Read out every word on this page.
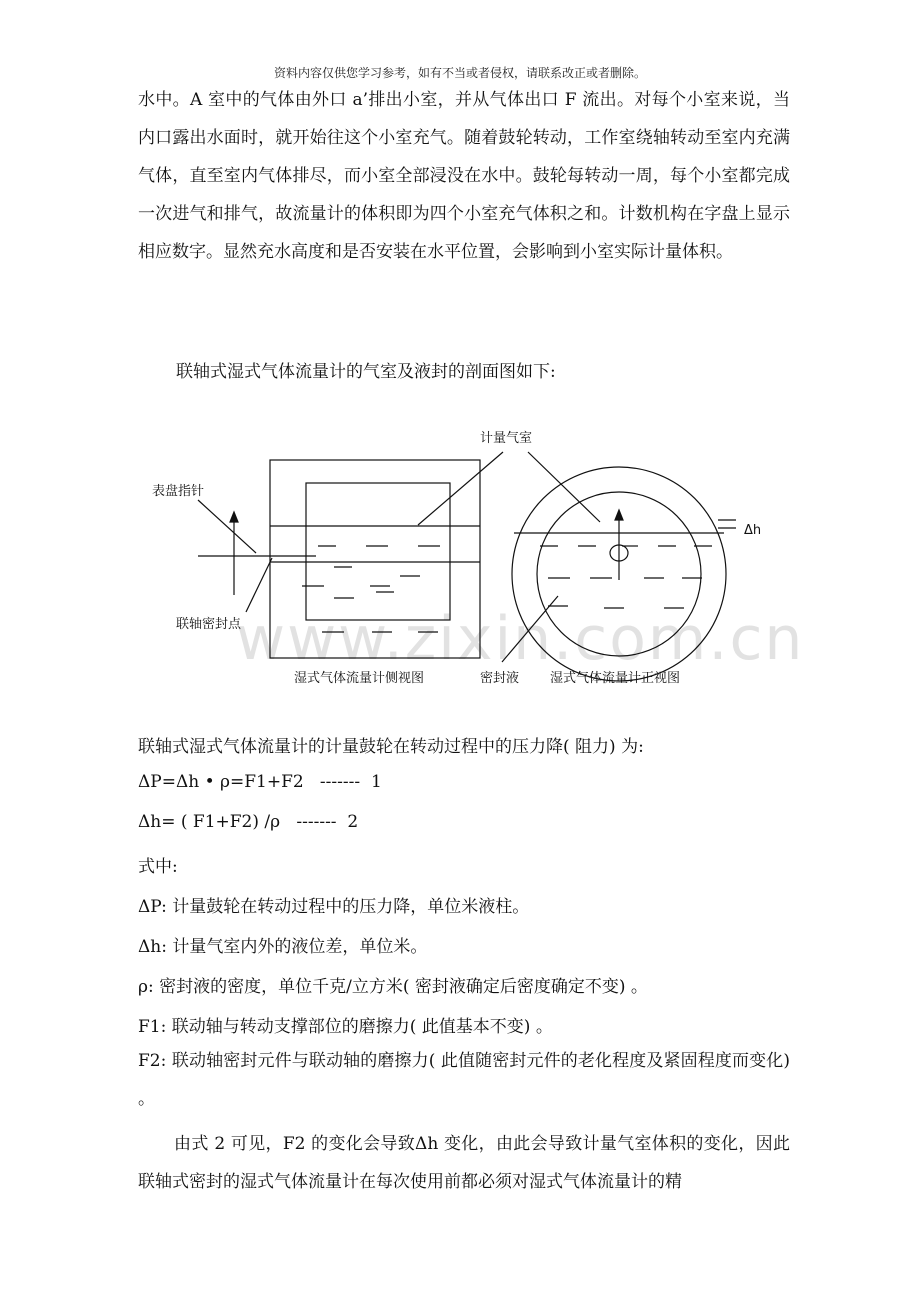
资料内容仅供您学习参考，如有不当或者侵权，请联系改正或者删除。

水中。A 室中的气体由外口 a’排出小室，并从气体出口 F 流出。对每个小室来说，当内口露出水面时，就开始往这个小室充气。随着鼓轮转动，工作室绕轴转动至室内充满气体，直至室内气体排尽，而小室全部浸没在水中。鼓轮每转动一周，每个小室都完成一次进气和排气，故流量计的体积即为四个小室充气体积之和。计数机构在字盘上显示相应数字。显然充水高度和是否安装在水平位置，会影响到小室实际计量体积。

联轴式湿式气体流量计的气室及液封的剖面图如下:
www.zixin.com.cn
计量气室
表盘指针
联轴密封点
Δh
湿式气体流量计侧视图	密封液 湿式气体流量计正视图
联轴式湿式气体流量计的计量鼓轮在转动过程中的压力降( 阻力) 为:
ΔP=Δh • ρ=F1+F2   -------  1
Δh= ( F1+F2) /ρ   -------  2
式中:
ΔP: 计量鼓轮在转动过程中的压力降，单位米液柱。
Δh: 计量气室内外的液位差，单位米。
ρ: 密封液的密度，单位千克/立方米( 密封液确定后密度确定不变) 。
F1: 联动轴与转动支撑部位的磨擦力( 此值基本不变) 。

F2: 联动轴密封元件与联动轴的磨擦力( 此值随密封元件的老化程度及紧固程度而变化) 。

由式 2 可见，F2 的变化会导致Δh 变化，由此会导致计量气室体积的变化，因此联轴式密封的湿式气体流量计在每次使用前都必须对湿式气体流量计的精
